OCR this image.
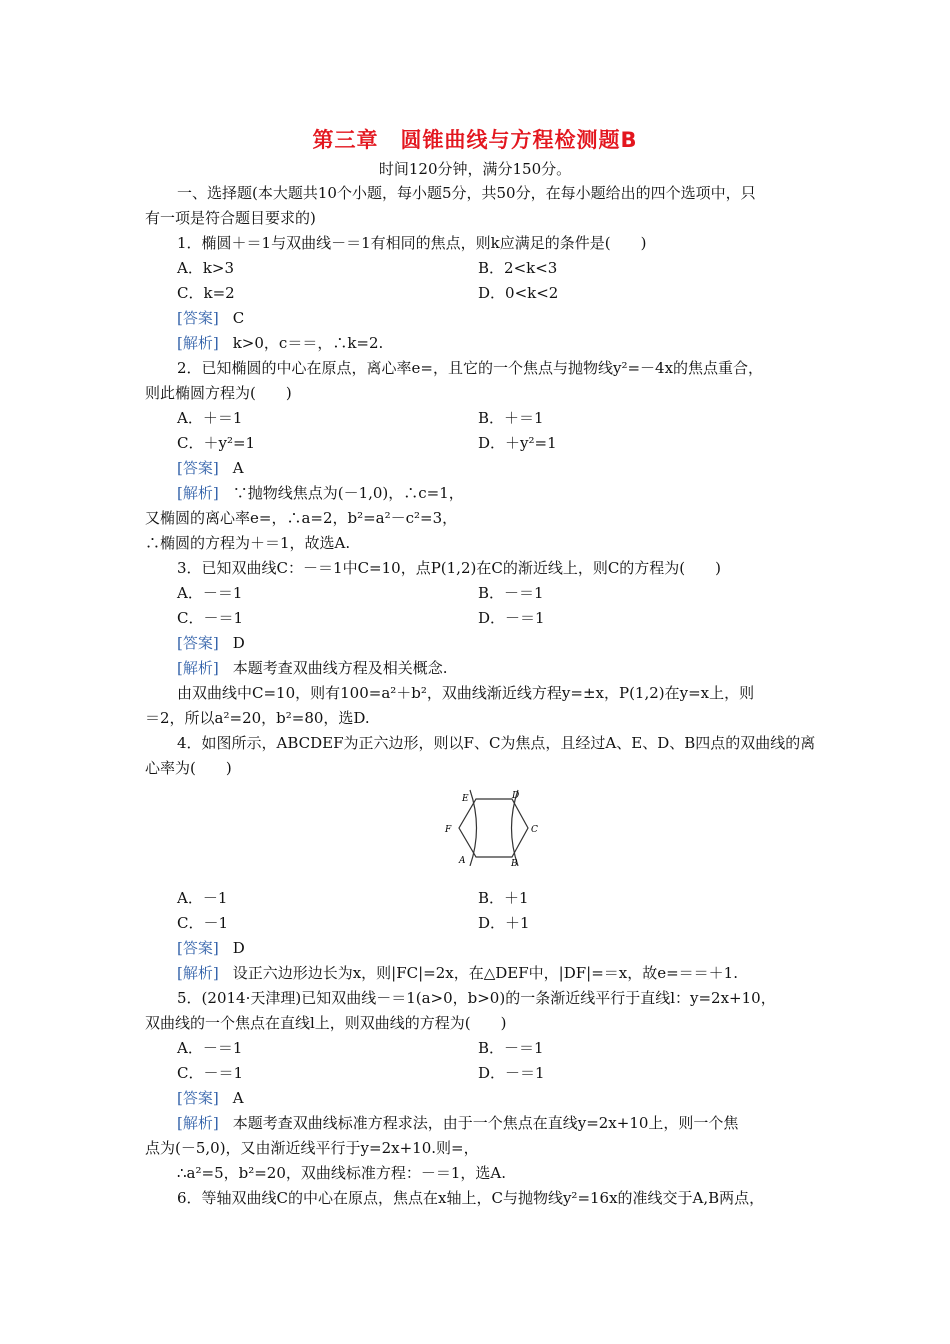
第三章　圆锥曲线与方程检测题B
时间120分钟，满分150分。
一、选择题(本大题共10个小题，每小题5分，共50分，在每小题给出的四个选项中，只
有一项是符合题目要求的)
1．椭圆＋＝1与双曲线－＝1有相同的焦点，则k应满足的条件是(　　)
A．k>3	B．2<k<3
C．k=2	D．0<k<2
[答案] C
[解析] k>0，c＝＝，∴k=2.
2．已知椭圆的中心在原点，离心率e=，且它的一个焦点与抛物线y²=－4x的焦点重合，
则此椭圆方程为(　　)
A．＋＝1	B．＋＝1
C．＋y²=1	D．＋y²=1
[答案] A
[解析] ∵抛物线焦点为(－1,0)，∴c=1，
又椭圆的离心率e=，∴a=2，b²=a²－c²=3，
∴椭圆的方程为＋＝1，故选A.
3．已知双曲线C：－＝1中C=10，点P(1,2)在C的渐近线上，则C的方程为(　　)
A．－＝1	B．－＝1
C．－＝1	D．－＝1
[答案] D
[解析] 本题考查双曲线方程及相关概念.
由双曲线中C=10，则有100=a²＋b²，双曲线渐近线方程y=±x，P(1,2)在y=x上，则
＝2，所以a²=20，b²=80，选D.
4．如图所示，ABCDEF为正六边形，则以F、C为焦点，且经过A、E、D、B四点的双曲线的离
心率为(　　)
E	D
F	C
A	B
A．－1	B．＋1
C．－1	D．＋1
[答案] D
[解析] 设正六边形边长为x，则|FC|=2x，在△DEF中，|DF|=＝x，故e=＝＝＋1.
5．(2014·天津理)已知双曲线－＝1(a>0，b>0)的一条渐近线平行于直线l：y=2x+10，
双曲线的一个焦点在直线l上，则双曲线的方程为(　　)
A．－＝1	B．－＝1
C．－＝1	D．－＝1
[答案] A
[解析] 本题考查双曲线标准方程求法，由于一个焦点在直线y=2x+10上，则一个焦
点为(－5,0)，又由渐近线平行于y=2x+10.则=，
∴a²=5，b²=20，双曲线标准方程：－＝1，选A.
6．等轴双曲线C的中心在原点，焦点在x轴上，C与抛物线y²=16x的准线交于A,B两点，
